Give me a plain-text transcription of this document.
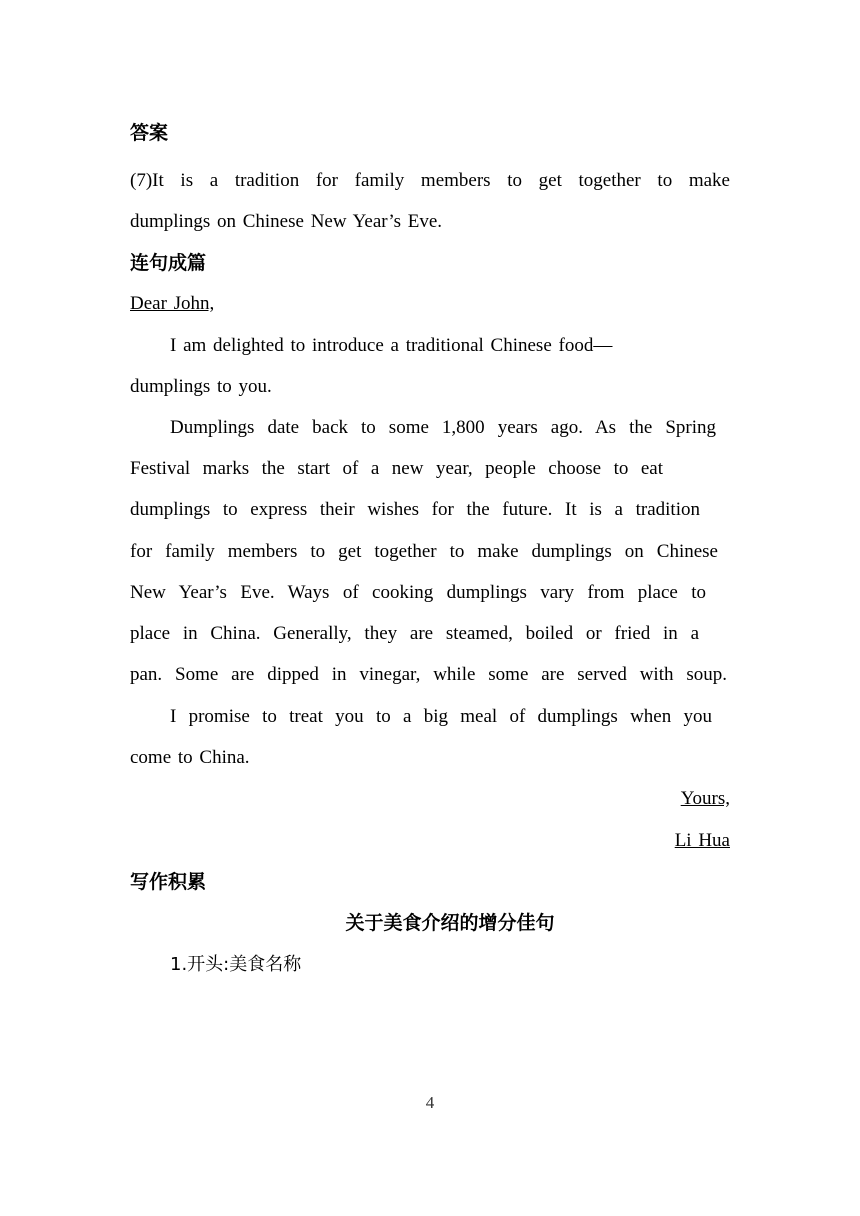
答案
(7)It is a tradition for family members to get together to make
dumplings on Chinese New Year’s Eve.
连句成篇
Dear John,
I am delighted to introduce a traditional Chinese food—
dumplings to you.
Dumplings date back to some 1,800 years ago. As the Spring
Festival marks the start of a new year, people choose to eat
dumplings to express their wishes for the future. It is a tradition
for family members to get together to make dumplings on Chinese
New Year’s Eve. Ways of cooking dumplings vary from place to
place in China. Generally, they are steamed, boiled or fried in a
pan. Some are dipped in vinegar, while some are served with soup.
I promise to treat you to a big meal of dumplings when you
come to China.
Yours,
Li Hua
写作积累
关于美食介绍的增分佳句
1.开头:美食名称
4
